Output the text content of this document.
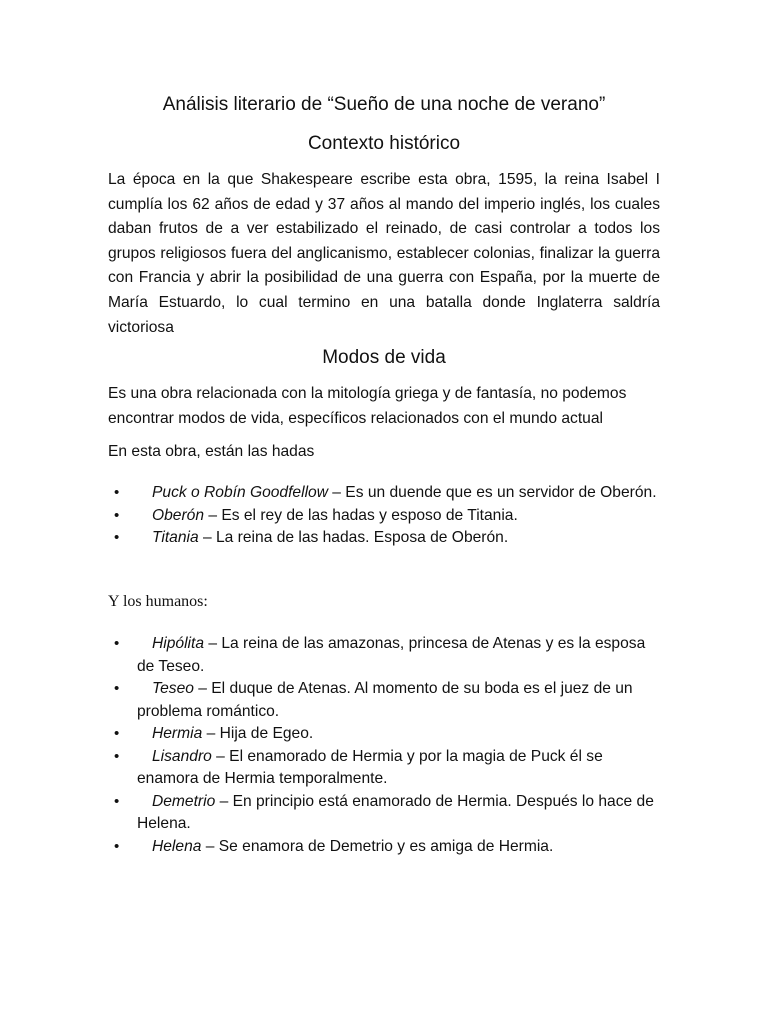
Análisis literario de “Sueño de una noche de verano”
Contexto histórico

La época en la que Shakespeare escribe esta obra, 1595, la reina Isabel I cumplía los 62 años de edad y 37 años al mando del imperio inglés, los cuales daban frutos de a ver estabilizado el reinado, de casi controlar a todos los grupos religiosos fuera del anglicanismo, establecer colonias, finalizar la guerra con Francia y abrir la posibilidad de una guerra con España, por la muerte de María Estuardo, lo cual termino en una batalla donde Inglaterra saldría victoriosa

Modos de vida

Es una obra relacionada con la mitología griega y de fantasía, no podemos encontrar modos de vida, específicos relacionados con el mundo actual

En esta obra, están las hadas

• Puck o Robín Goodfellow – Es un duende que es un servidor de Oberón.
• Oberón – Es el rey de las hadas y esposo de Titania.
• Titania – La reina de las hadas. Esposa de Oberón.

Y los humanos:

• Hipólita – La reina de las amazonas, princesa de Atenas y es la esposa de Teseo.
• Teseo – El duque de Atenas. Al momento de su boda es el juez de un problema romántico.
• Hermia – Hija de Egeo.
• Lisandro – El enamorado de Hermia y por la magia de Puck él se enamora de Hermia temporalmente.
• Demetrio – En principio está enamorado de Hermia. Después lo hace de Helena.
• Helena – Se enamora de Demetrio y es amiga de Hermia.
